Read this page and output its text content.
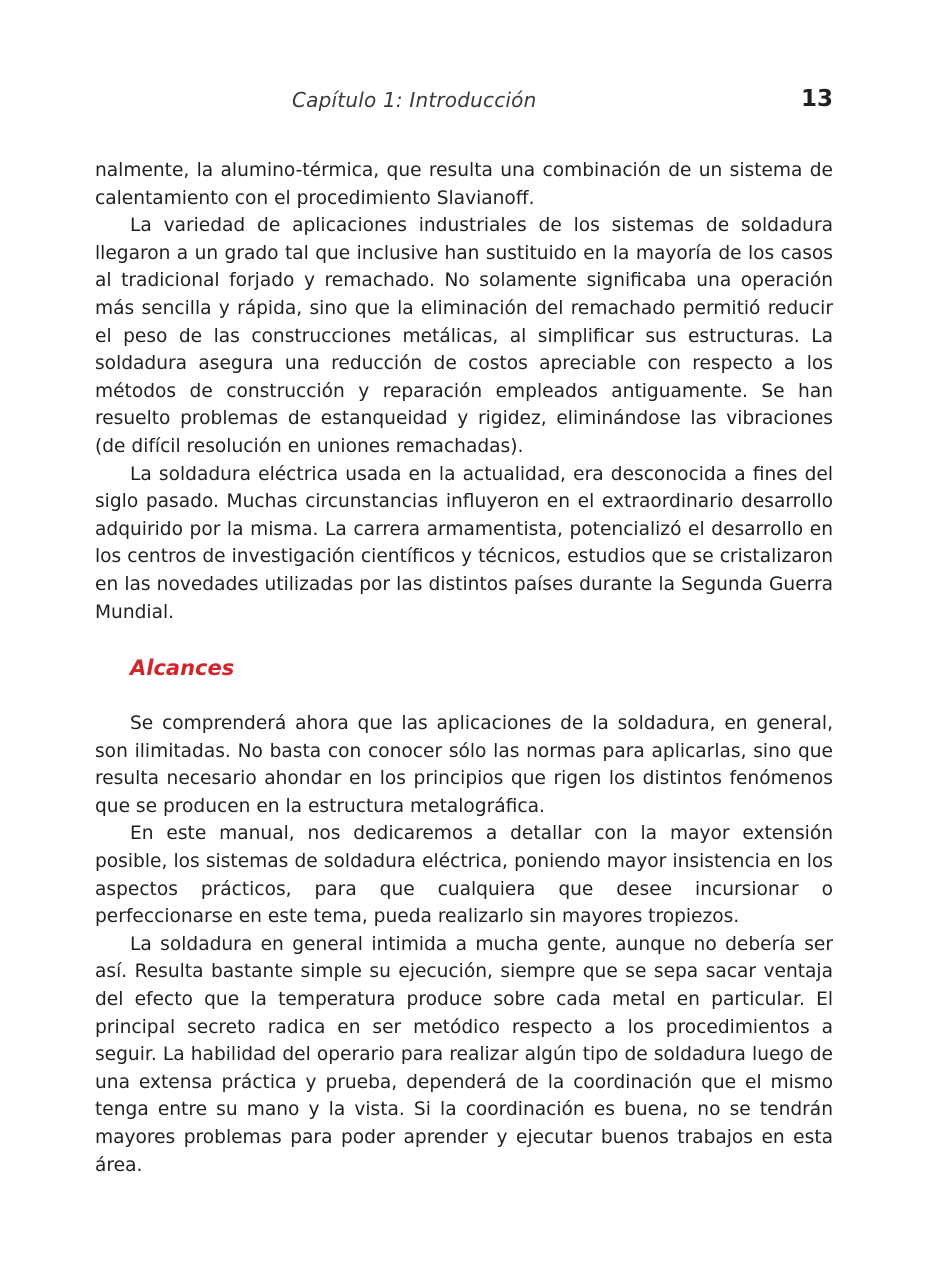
Capítulo 1: Introducción	13

nalmente, la alumino-térmica, que resulta una combinación de un sistema de calentamiento con el procedimiento Slavianoff.

La variedad de aplicaciones industriales de los sistemas de soldadura llegaron a un grado tal que inclusive han sustituido en la mayoría de los casos al tradicional forjado y remachado. No solamente significaba una operación más sencilla y rápida, sino que la eliminación del remachado permitió reducir el peso de las construcciones metálicas, al simplificar sus estructuras. La soldadura asegura una reducción de costos apreciable con respecto a los métodos de construcción y reparación empleados antiguamente. Se han resuelto problemas de estanqueidad y rigidez, eliminándose las vibraciones (de difícil resolución en uniones remachadas).

La soldadura eléctrica usada en la actualidad, era desconocida a fines del siglo pasado. Muchas circunstancias influyeron en el extraordinario desarrollo adquirido por la misma. La carrera armamentista, potencializó el desarrollo en los centros de investigación científicos y técnicos, estudios que se cristalizaron en las novedades utilizadas por las distintos países durante la Segunda Guerra Mundial.

Alcances

Se comprenderá ahora que las aplicaciones de la soldadura, en general, son ilimitadas. No basta con conocer sólo las normas para aplicarlas, sino que resulta necesario ahondar en los principios que rigen los distintos fenómenos que se producen en la estructura metalográfica.

En este manual, nos dedicaremos a detallar con la mayor extensión posible, los sistemas de soldadura eléctrica, poniendo mayor insistencia en los aspectos prácticos, para que cualquiera que desee incursionar o perfeccionarse en este tema, pueda realizarlo sin mayores tropiezos.

La soldadura en general intimida a mucha gente, aunque no debería ser así. Resulta bastante simple su ejecución, siempre que se sepa sacar ventaja del efecto que la temperatura produce sobre cada metal en particular. El principal secreto radica en ser metódico respecto a los procedimientos a seguir. La habilidad del operario para realizar algún tipo de soldadura luego de una extensa práctica y prueba, dependerá de la coordinación que el mismo tenga entre su mano y la vista. Si la coordinación es buena, no se tendrán mayores problemas para poder aprender y ejecutar buenos trabajos en esta área.
